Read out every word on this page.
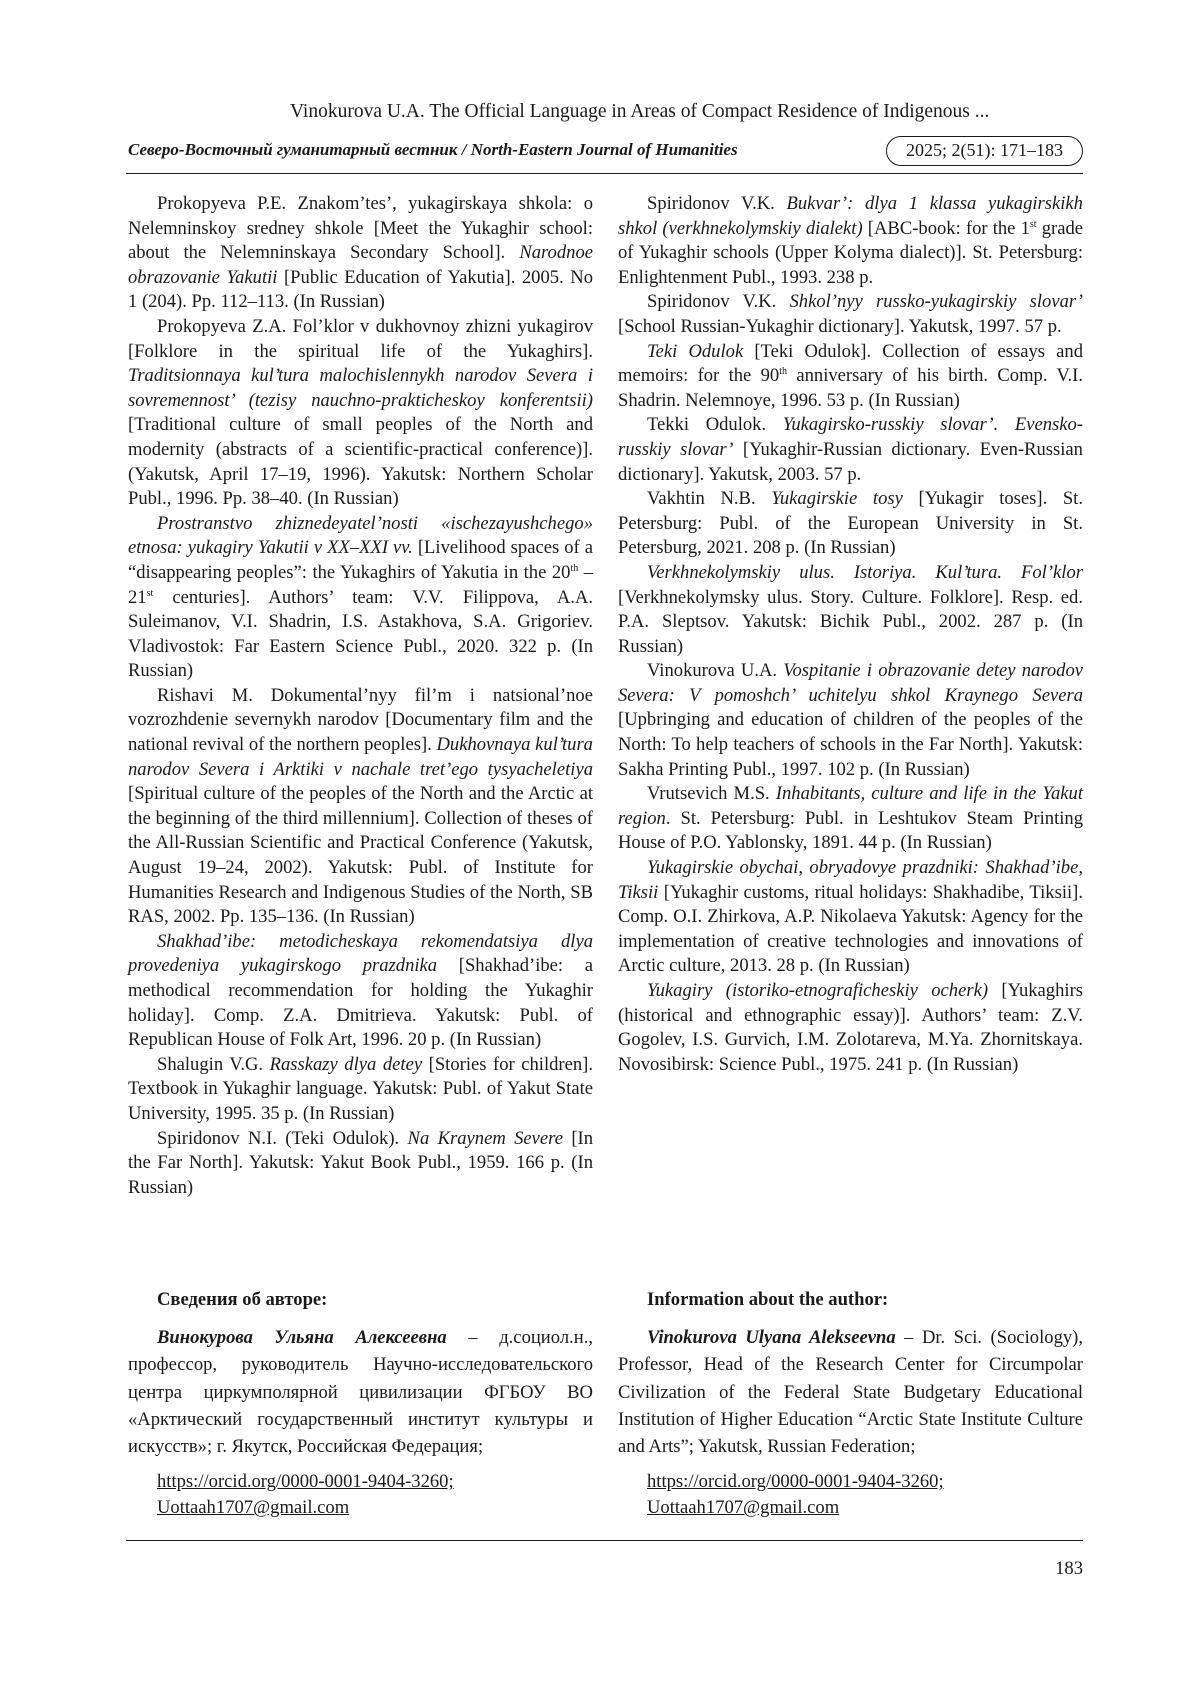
Vinokurova U.A. The Official Language in Areas of Compact Residence of Indigenous ...
Северо-Восточный гуманитарный вестник / North-Eastern Journal of Humanities	2025; 2(51): 171–183

Prokopyeva P.E. Znakom’tes’, yukagirskaya shkola: o Nelemninskoy sredney shkole [Meet the Yukaghir school: about the Nelemninskaya Secondary School]. Narodnoe obrazovanie Yakutii [Public Education of Yakutia]. 2005. No 1 (204). Pp. 112–113. (In Russian)

Prokopyeva Z.A. Fol’klor v dukhovnoy zhizni yukagirov [Folklore in the spiritual life of the Yukaghirs]. Traditsionnaya kul’tura malochislennykh narodov Severa i sovremennost’ (tezisy nauchno-prakticheskoy konferentsii) [Traditional culture of small peoples of the North and modernity (abstracts of a scientific-practical conference)]. (Yakutsk, April 17–19, 1996). Yakutsk: Northern Scholar Publ., 1996. Pp. 38–40. (In Russian)

Prostranstvo zhiznedeyatel’nosti «ischezayushchego» etnosa: yukagiry Yakutii v XX–XXI vv. [Livelihood spaces of a “disappearing peoples”: the Yukaghirs of Yakutia in the 20th – 21st centuries]. Authors’ team: V.V. Filippova, A.A. Suleimanov, V.I. Shadrin, I.S. Astakhova, S.A. Grigoriev. Vladivostok: Far Eastern Science Publ., 2020. 322 p. (In Russian)

Rishavi M. Dokumental’nyy fil’m i natsional’noe vozrozhdenie severnykh narodov [Documentary film and the national revival of the northern peoples]. Dukhovnaya kul’tura narodov Severa i Arktiki v nachale tret’ego tysyacheletiya [Spiritual culture of the peoples of the North and the Arctic at the beginning of the third millennium]. Collection of theses of the All-Russian Scientific and Practical Conference (Yakutsk, August 19–24, 2002). Yakutsk: Publ. of Institute for Humanities Research and Indigenous Studies of the North, SB RAS, 2002. Pp. 135–136. (In Russian)

Shakhad’ibe: metodicheskaya rekomendatsiya dlya provedeniya yukagirskogo prazdnika [Shakhad’ibe: a methodical recommendation for holding the Yukaghir holiday]. Comp. Z.A. Dmitrieva. Yakutsk: Publ. of Republican House of Folk Art, 1996. 20 p. (In Russian)

Shalugin V.G. Rasskazy dlya detey [Stories for children]. Textbook in Yukaghir language. Yakutsk: Publ. of Yakut State University, 1995. 35 p. (In Russian)

Spiridonov N.I. (Teki Odulok). Na Kraynem Severe [In the Far North]. Yakutsk: Yakut Book Publ., 1959. 166 p. (In Russian)

Spiridonov V.K. Bukvar’: dlya 1 klassa yukagirskikh shkol (verkhnekolymskiy dialekt) [ABC-book: for the 1st grade of Yukaghir schools (Upper Kolyma dialect)]. St. Petersburg: Enlightenment Publ., 1993. 238 p.

Spiridonov V.K. Shkol’nyy russko-yukagirskiy slovar’ [School Russian-Yukaghir dictionary]. Yakutsk, 1997. 57 p.

Teki Odulok [Teki Odulok]. Collection of essays and memoirs: for the 90th anniversary of his birth. Comp. V.I. Shadrin. Nelemnoye, 1996. 53 p. (In Russian)

Tekki Odulok. Yukagirsko-russkiy slovar’. Evensko-russkiy slovar’ [Yukaghir-Russian dictionary. Even-Russian dictionary]. Yakutsk, 2003. 57 p.

Vakhtin N.B. Yukagirskie tosy [Yukagir toses]. St. Petersburg: Publ. of the European University in St. Petersburg, 2021. 208 p. (In Russian)

Verkhnekolymskiy ulus. Istoriya. Kul’tura. Fol’klor [Verkhnekolymsky ulus. Story. Culture. Folklore]. Resp. ed. P.A. Sleptsov. Yakutsk: Bichik Publ., 2002. 287 p. (In Russian)

Vinokurova U.A. Vospitanie i obrazovanie detey narodov Severa: V pomoshch’ uchitelyu shkol Kraynego Severa [Upbringing and education of children of the peoples of the North: To help teachers of schools in the Far North]. Yakutsk: Sakha Printing Publ., 1997. 102 p. (In Russian)

Vrutsevich M.S. Inhabitants, culture and life in the Yakut region. St. Petersburg: Publ. in Leshtukov Steam Printing House of P.O. Yablonsky, 1891. 44 p. (In Russian)

Yukagirskie obychai, obryadovye prazdniki: Shakhad’ibe, Tiksii [Yukaghir customs, ritual holidays: Shakhadibe, Tiksii]. Comp. O.I. Zhirkova, A.P. Nikolaeva Yakutsk: Agency for the implementation of creative technologies and innovations of Arctic culture, 2013. 28 p. (In Russian)

Yukagiry (istoriko-etnograficheskiy ocherk) [Yukaghirs (historical and ethnographic essay)]. Authors’ team: Z.V. Gogolev, I.S. Gurvich, I.M. Zolotareva, M.Ya. Zhornitskaya. Novosibirsk: Science Publ., 1975. 241 p. (In Russian)

Сведения об авторе:

Винокурова Ульяна Алексеевна – д.социол.н., профессор, руководитель Научно-исследовательского центра циркумполярной цивилизации ФГБОУ ВО «Арктический государственный институт культуры и искусств»; г. Якутск, Российская Федерация;

https://orcid.org/0000-0001-9404-3260;
Uottaah1707@gmail.com
Information about the author:

Vinokurova Ulyana Alekseevna – Dr. Sci. (Sociology), Professor, Head of the Research Center for Circumpolar Civilization of the Federal State Budgetary Educational Institution of Higher Education “Arctic State Institute Culture and Arts”; Yakutsk, Russian Federation;

https://orcid.org/0000-0001-9404-3260;
Uottaah1707@gmail.com
183
